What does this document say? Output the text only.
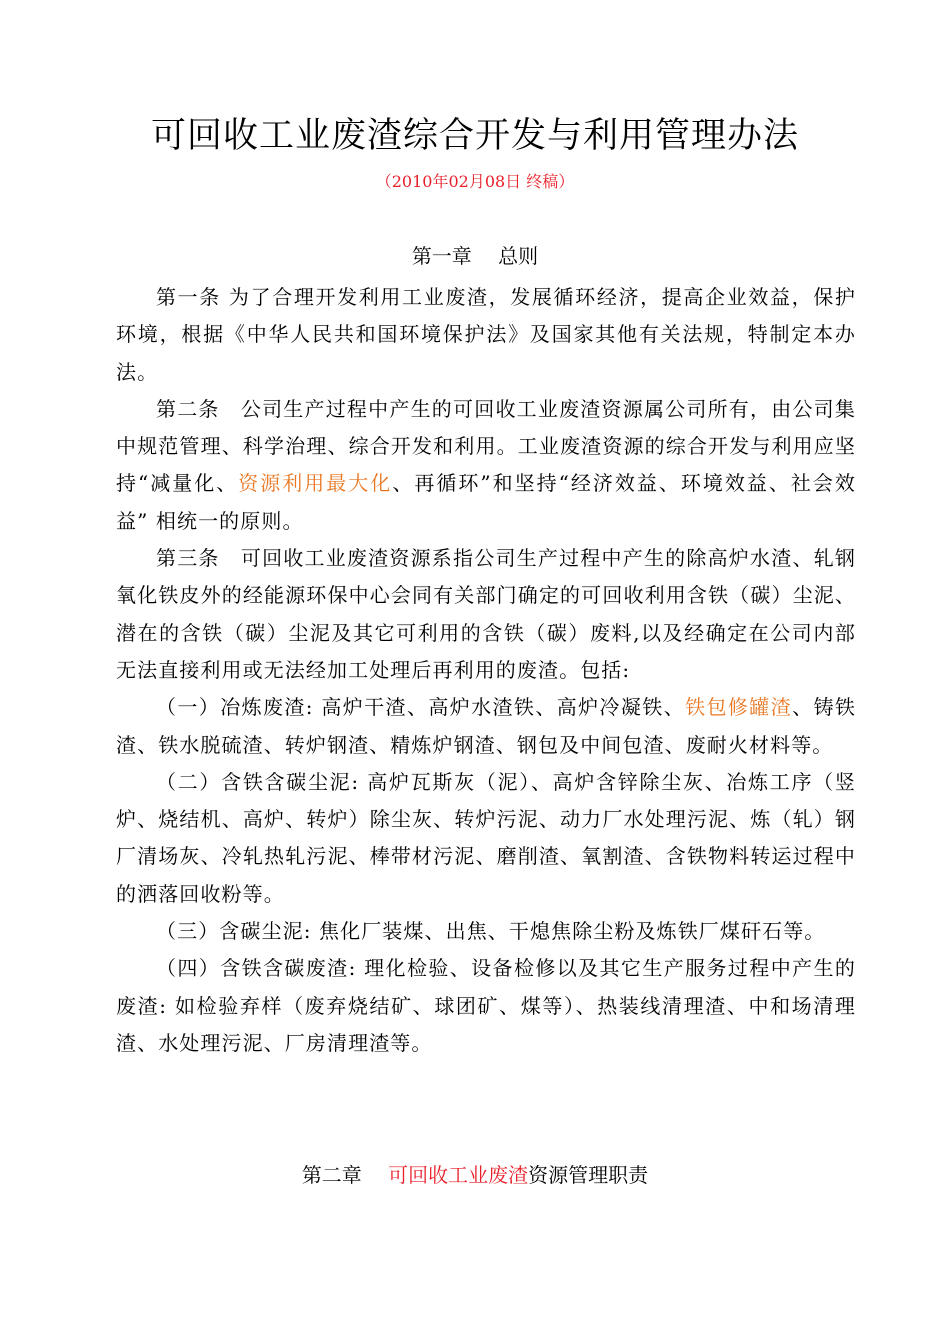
可回收工业废渣综合开发与利用管理办法
（2010年02月08日 终稿）
第一章　 总则

第一条 为了合理开发利用工业废渣，发展循环经济，提高企业效益，保护环境，根据《中华人民共和国环境保护法》及国家其他有关法规，特制定本办法。

第二条　公司生产过程中产生的可回收工业废渣资源属公司所有，由公司集中规范管理、科学治理、综合开发和利用。工业废渣资源的综合开发与利用应坚持“减量化、资源利用最大化、再循环”和坚持“经济效益、环境效益、社会效益” 相统一的原则。

第三条　可回收工业废渣资源系指公司生产过程中产生的除高炉水渣、轧钢氧化铁皮外的经能源环保中心会同有关部门确定的可回收利用含铁（碳）尘泥、潜在的含铁（碳）尘泥及其它可利用的含铁（碳）废料,以及经确定在公司内部无法直接利用或无法经加工处理后再利用的废渣。包括:

（一）冶炼废渣: 高炉干渣、高炉水渣铁、高炉冷凝铁、铁包修罐渣、铸铁渣、铁水脱硫渣、转炉钢渣、精炼炉钢渣、钢包及中间包渣、废耐火材料等。

（二）含铁含碳尘泥: 高炉瓦斯灰（泥）、高炉含锌除尘灰、冶炼工序（竖炉、烧结机、高炉、转炉）除尘灰、转炉污泥、动力厂水处理污泥、炼（轧）钢厂清场灰、冷轧热轧污泥、棒带材污泥、磨削渣、氧割渣、含铁物料转运过程中的洒落回收粉等。

（三）含碳尘泥: 焦化厂装煤、出焦、干熄焦除尘粉及炼铁厂煤矸石等。

（四）含铁含碳废渣: 理化检验、设备检修以及其它生产服务过程中产生的废渣: 如检验弃样（废弃烧结矿、球团矿、煤等）、热装线清理渣、中和场清理渣、水处理污泥、厂房清理渣等。

第二章　 可回收工业废渣资源管理职责
